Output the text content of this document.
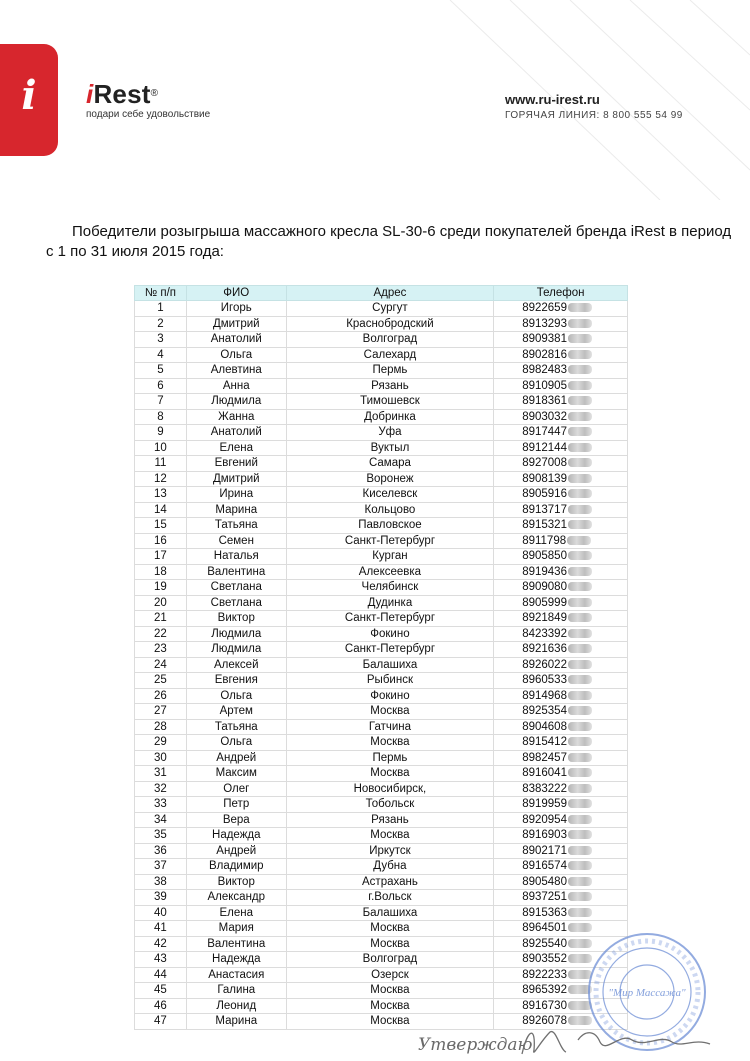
i	iRest®
подари себе удовольствие
www.ru-irest.ru
ГОРЯЧАЯ ЛИНИЯ: 8 800 555 54 99
Победители розыгрыша массажного кресла SL-30-6 среди покупателей бренда iRest в период с 1 по 31 июля 2015 года:
№ п/п	ФИО	Адрес	Телефон
1	Игорь	Сургут	8922659
2	Дмитрий	Краснобродский	8913293
3	Анатолий	Волгоград	8909381
4	Ольга	Салехард	8902816
5	Алевтина	Пермь	8982483
6	Анна	Рязань	8910905
7	Людмила	Тимошевск	8918361
8	Жанна	Добринка	8903032
9	Анатолий	Уфа	8917447
10	Елена	Вуктыл	8912144
11	Евгений	Самара	8927008
12	Дмитрий	Воронеж	8908139
13	Ирина	Киселевск	8905916
14	Марина	Кольцово	8913717
15	Татьяна	Павловское	8915321
16	Семен	Санкт-Петербург	8911798
17	Наталья	Курган	8905850
18	Валентина	Алексеевка	8919436
19	Светлана	Челябинск	8909080
20	Светлана	Дудинка	8905999
21	Виктор	Санкт-Петербург	8921849
22	Людмила	Фокино	8423392
23	Людмила	Санкт-Петербург	8921636
24	Алексей	Балашиха	8926022
25	Евгения	Рыбинск	8960533
26	Ольга	Фокино	8914968
27	Артем	Москва	8925354
28	Татьяна	Гатчина	8904608
29	Ольга	Москва	8915412
30	Андрей	Пермь	8982457
31	Максим	Москва	8916041
32	Олег	Новосибирск,	8383222
33	Петр	Тобольск	8919959
34	Вера	Рязань	8920954
35	Надежда	Москва	8916903
36	Андрей	Иркутск	8902171
37	Владимир	Дубна	8916574
38	Виктор	Астрахань	8905480
39	Александр	г.Вольск	8937251
40	Елена	Балашиха	8915363
41	Мария	Москва	8964501
42	Валентина	Москва	8925540
43	Надежда	Волгоград	8903552
44	Анастасия	Озерск	8922233
45	Галина	Москва	8965392
46	Леонид	Москва	8916730
47	Марина	Москва	8926078
"Мир Массажа"
Утверждаю
